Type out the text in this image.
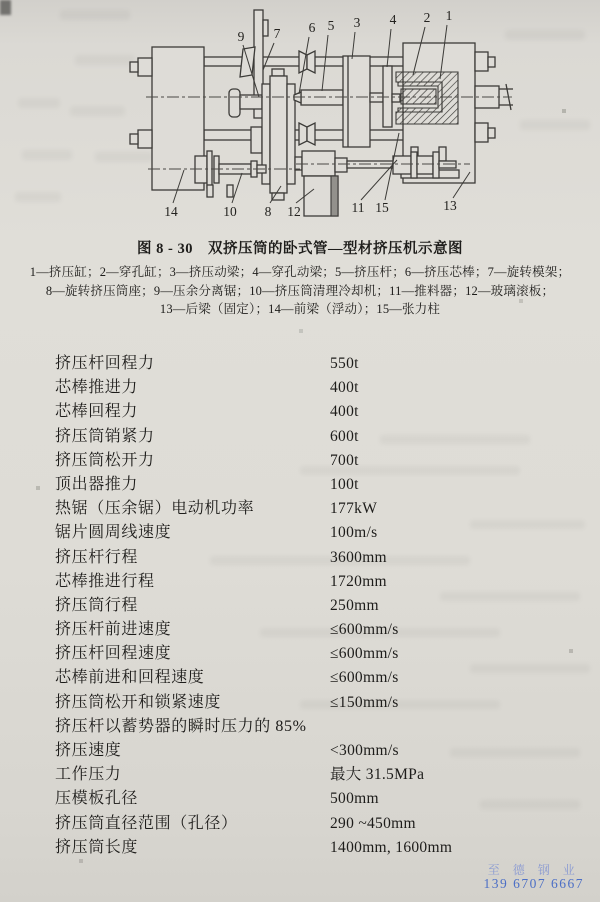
9 7 6 5 3 4 2 1
14	10 8 12	11 15	13
图 8 - 30　双挤压筒的卧式管—型材挤压机示意图
1—挤压缸；2—穿孔缸；3—挤压动梁；4—穿孔动梁；5—挤压杆；6—挤压芯棒；7—旋转模架；
8—旋转挤压筒座；9—压余分离锯；10—挤压筒清理冷却机；11—推料器；12—玻璃滚板；
13—后梁（固定）；14—前梁（浮动）；15—张力柱
挤压杆回程力	550t
芯棒推进力	400t
芯棒回程力	400t
挤压筒销紧力	600t
挤压筒松开力	700t
顶出器推力	100t
热锯（压余锯）电动机功率	177kW
锯片圆周线速度	100m/s
挤压杆行程	3600mm
芯棒推进行程	1720mm
挤压筒行程	250mm
挤压杆前进速度	≤600mm/s
挤压杆回程速度	≤600mm/s
芯棒前进和回程速度	≤600mm/s
挤压筒松开和锁紧速度	≤150mm/s
挤压杆以蓄势器的瞬时压力的 85%
挤压速度	<300mm/s
工作压力	最大 31.5MPa
压模板孔径	500mm
挤压筒直径范围（孔径）	290 ~450mm
挤压筒长度	1400mm, 1600mm
至 德 钢 业
139 6707 6667
